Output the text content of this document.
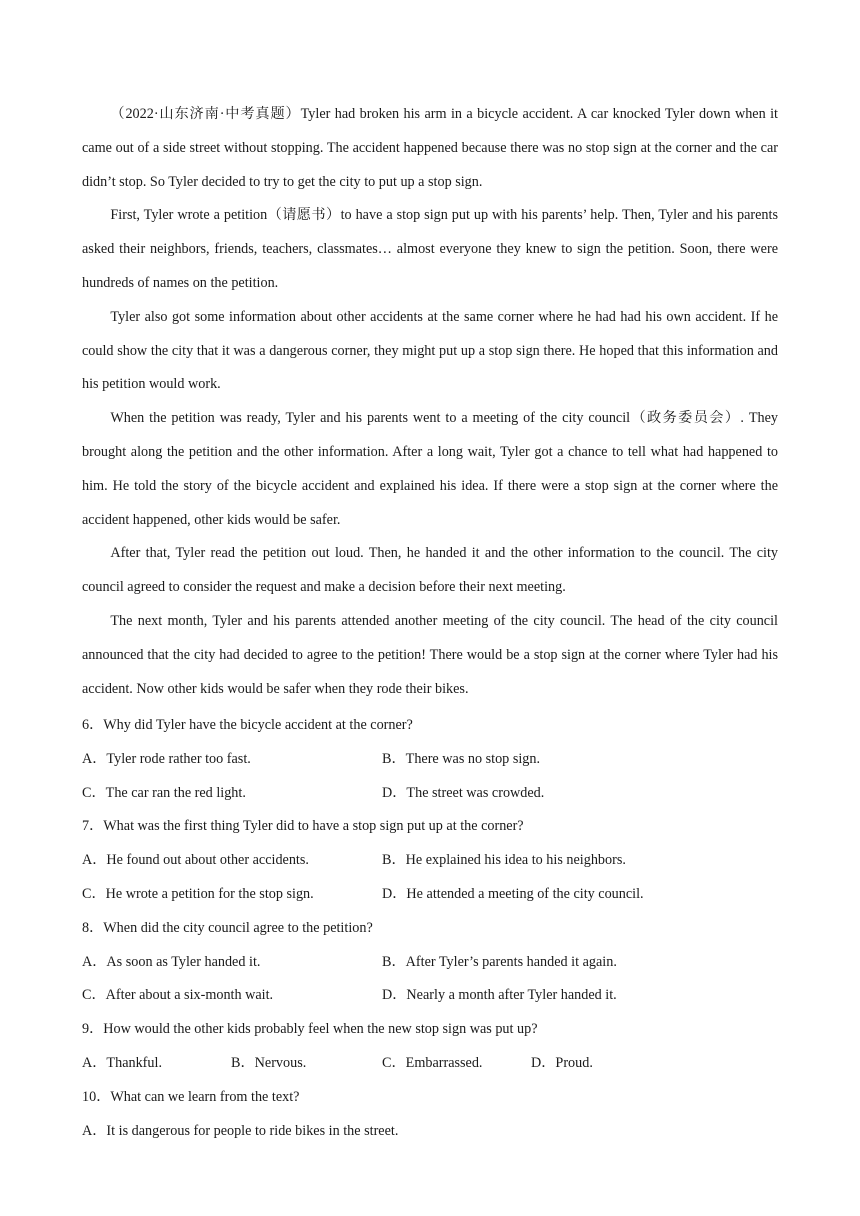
（2022·山东济南·中考真题）Tyler had broken his arm in a bicycle accident. A car knocked Tyler down when it came out of a side street without stopping. The accident happened because there was no stop sign at the corner and the car didn’t stop. So Tyler decided to try to get the city to put up a stop sign.

First, Tyler wrote a petition（请愿书）to have a stop sign put up with his parents’ help. Then, Tyler and his parents asked their neighbors, friends, teachers, classmates… almost everyone they knew to sign the petition. Soon, there were hundreds of names on the petition.

Tyler also got some information about other accidents at the same corner where he had had his own accident. If he could show the city that it was a dangerous corner, they might put up a stop sign there. He hoped that this information and his petition would work.

When the petition was ready, Tyler and his parents went to a meeting of the city council（政务委员会）. They brought along the petition and the other information. After a long wait, Tyler got a chance to tell what had happened to him. He told the story of the bicycle accident and explained his idea. If there were a stop sign at the corner where the accident happened, other kids would be safer.

After that, Tyler read the petition out loud. Then, he handed it and the other information to the council. The city council agreed to consider the request and make a decision before their next meeting.

The next month, Tyler and his parents attended another meeting of the city council. The head of the city council announced that the city had decided to agree to the petition! There would be a stop sign at the corner where Tyler had his accident. Now other kids would be safer when they rode their bikes.

6．Why did Tyler have the bicycle accident at the corner?
A．Tyler rode rather too fast.	B．There was no stop sign.
C．The car ran the red light.	D．The street was crowded.
7．What was the first thing Tyler did to have a stop sign put up at the corner?
A．He found out about other accidents.	B．He explained his idea to his neighbors.
C．He wrote a petition for the stop sign.	D．He attended a meeting of the city council.
8．When did the city council agree to the petition?
A．As soon as Tyler handed it.	B．After Tyler’s parents handed it again.
C．After about a six-month wait.	D．Nearly a month after Tyler handed it.
9．How would the other kids probably feel when the new stop sign was put up?
A．Thankful.	B．Nervous.	C．Embarrassed.	D．Proud.
10．What can we learn from the text?
A．It is dangerous for people to ride bikes in the street.
